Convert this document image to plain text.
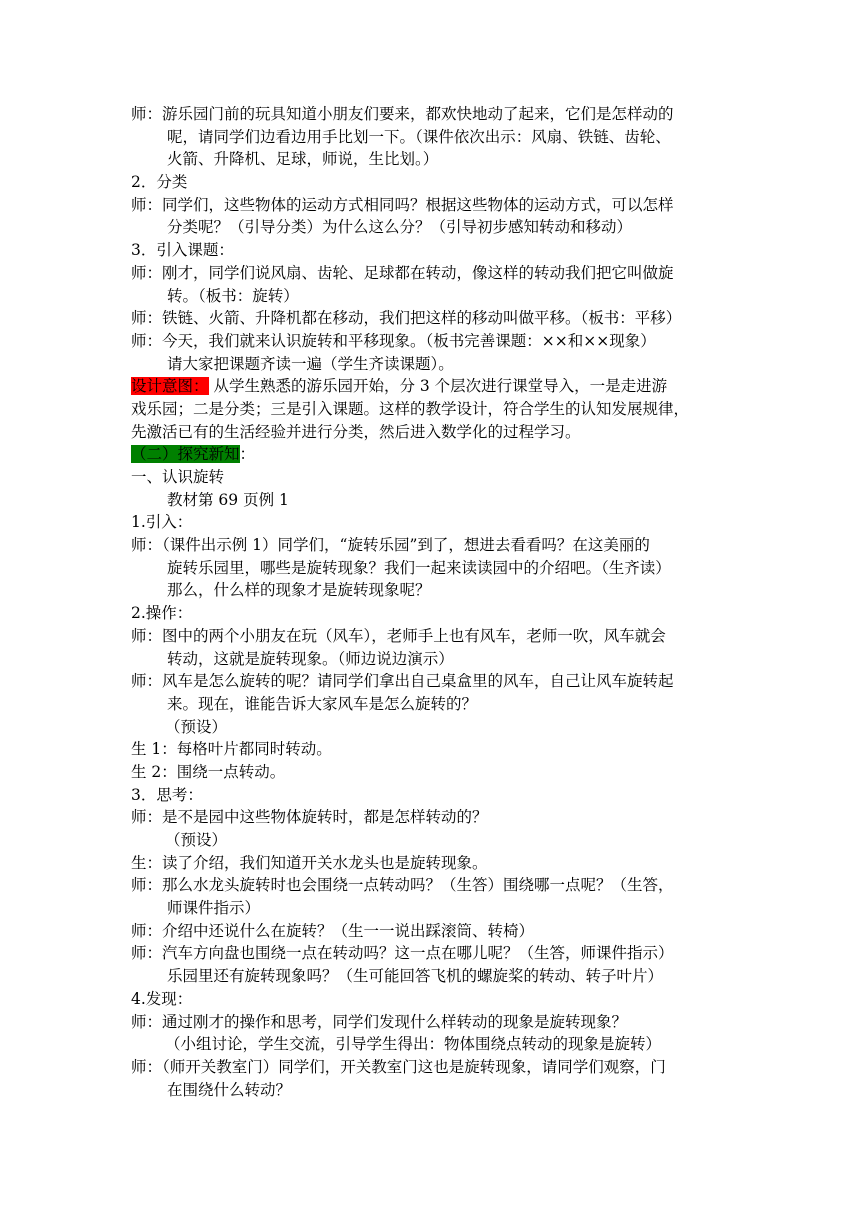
师：游乐园门前的玩具知道小朋友们要来，都欢快地动了起来，它们是怎样动的
呢，请同学们边看边用手比划一下。（课件依次出示：风扇、铁链、齿轮、
火箭、升降机、足球，师说，生比划。）
2．分类
师：同学们，这些物体的运动方式相同吗？根据这些物体的运动方式，可以怎样
分类呢？（引导分类）为什么这么分？（引导初步感知转动和移动）
3．引入课题：
师：刚才，同学们说风扇、齿轮、足球都在转动，像这样的转动我们把它叫做旋
转。（板书：旋转）
师：铁链、火箭、升降机都在移动，我们把这样的移动叫做平移。（板书：平移）
师：今天，我们就来认识旋转和平移现象。（板书完善课题：××和××现象）
请大家把课题齐读一遍（学生齐读课题）。
设计意图： 从学生熟悉的游乐园开始，分 3 个层次进行课堂导入，一是走进游
戏乐园；二是分类；三是引入课题。这样的教学设计，符合学生的认知发展规律，
先激活已有的生活经验并进行分类，然后进入数学化的过程学习。
（二）探究新知：
一、认识旋转
教材第 69 页例 1
1.引入：
师：（课件出示例 1）同学们，“旋转乐园”到了，想进去看看吗？在这美丽的
旋转乐园里，哪些是旋转现象？我们一起来读读园中的介绍吧。（生齐读）
那么，什么样的现象才是旋转现象呢？
2.操作：
师：图中的两个小朋友在玩（风车），老师手上也有风车，老师一吹，风车就会
转动，这就是旋转现象。（师边说边演示）
师：风车是怎么旋转的呢？请同学们拿出自己桌盒里的风车，自己让风车旋转起
来。现在，谁能告诉大家风车是怎么旋转的？
（预设）
生 1：每格叶片都同时转动。
生 2：围绕一点转动。
3．思考：
师：是不是园中这些物体旋转时，都是怎样转动的？
（预设）
生：读了介绍，我们知道开关水龙头也是旋转现象。
师：那么水龙头旋转时也会围绕一点转动吗？（生答）围绕哪一点呢？（生答，
师课件指示）
师：介绍中还说什么在旋转？（生一一说出踩滚筒、转椅）
师：汽车方向盘也围绕一点在转动吗？这一点在哪儿呢？（生答，师课件指示）
乐园里还有旋转现象吗？（生可能回答飞机的螺旋桨的转动、转子叶片）
4.发现：
师：通过刚才的操作和思考，同学们发现什么样转动的现象是旋转现象？
（小组讨论，学生交流，引导学生得出：物体围绕点转动的现象是旋转）
师：（师开关教室门）同学们，开关教室门这也是旋转现象，请同学们观察，门
在围绕什么转动？
